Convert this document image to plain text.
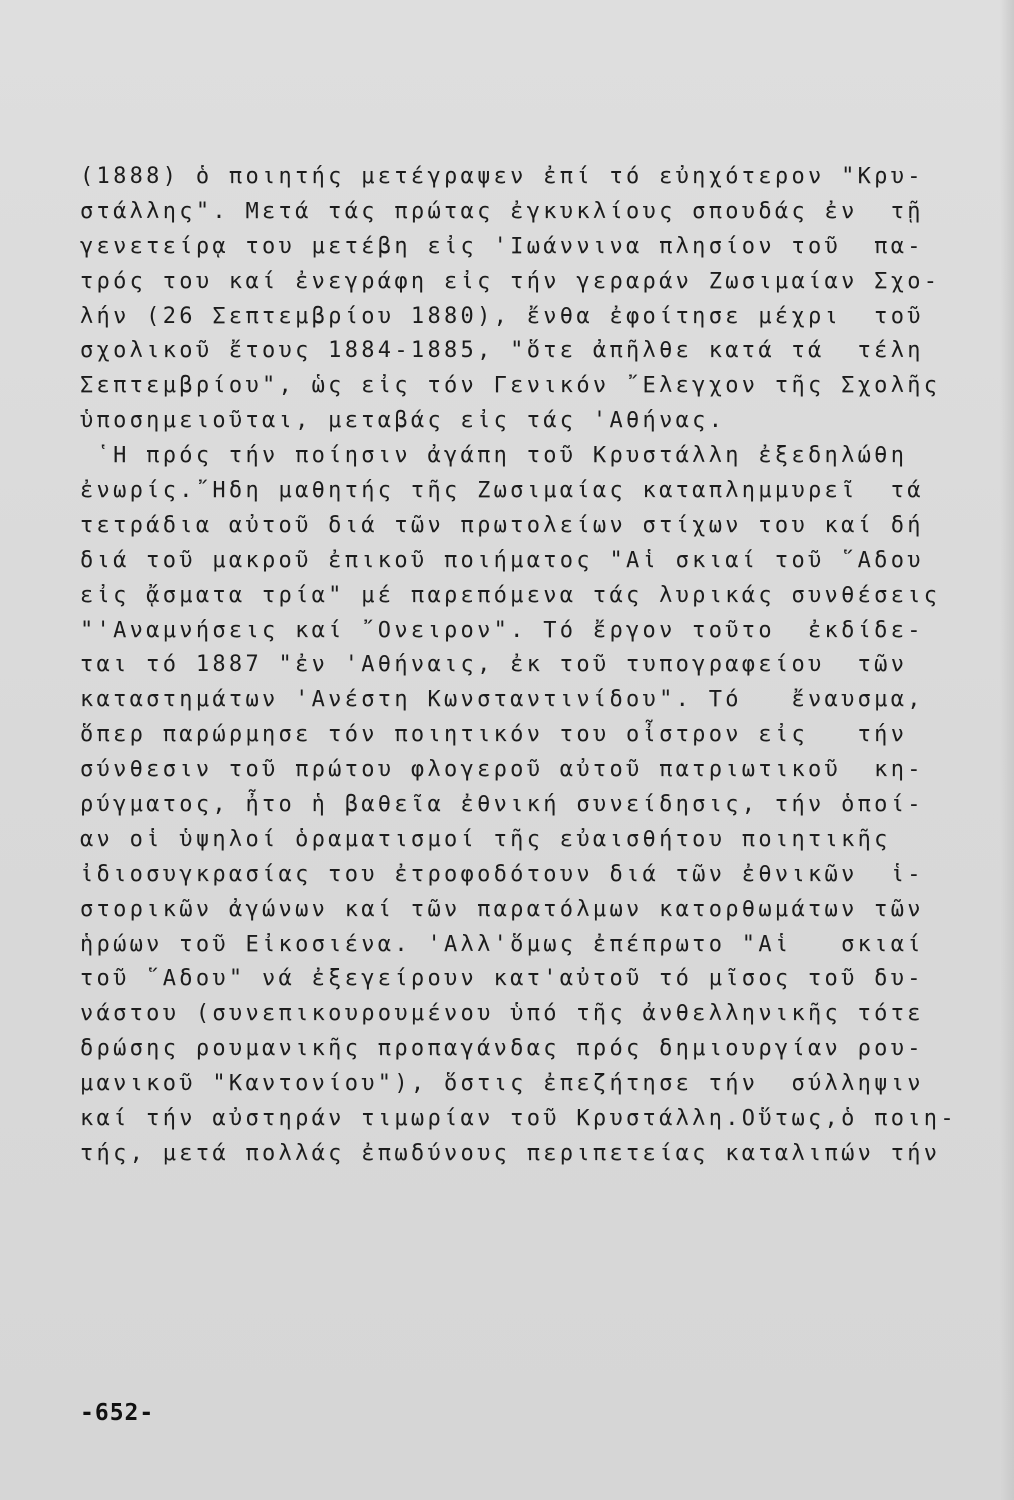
(1888) ὁ ποιητής μετέγραψεν ἐπί τό εὐηχότερον "Κρυ-
στάλλης". Μετά τάς πρώτας ἐγκυκλίους σπουδάς ἐν  τῇ
γενετείρᾳ του μετέβη εἰς 'Ιωάννινα πλησίον τοῦ  πα-
τρός του καί ἐνεγράφη εἰς τήν γεραράν Ζωσιμαίαν Σχο-
λήν (26 Σεπτεμβρίου 1880), ἔνθα ἐφοίτησε μέχρι  τοῦ
σχολικοῦ ἔτους 1884-1885, "ὅτε ἀπῆλθε κατά τά  τέλη
Σεπτεμβρίου", ὡς εἰς τόν Γενικόν ῎Ελεγχον τῆς Σχολῆς
ὑποσημειοῦται, μεταβάς εἰς τάς 'Αθήνας.
῾Η πρός τήν ποίησιν ἀγάπη τοῦ Κρυστάλλη ἐξεδηλώθη
ἐνωρίς.῎Ηδη μαθητής τῆς Ζωσιμαίας καταπλημμυρεῖ  τά
τετράδια αὐτοῦ διά τῶν πρωτολείων στίχων του καί δή
διά τοῦ μακροῦ ἐπικοῦ ποιήματος "Αἱ σκιαί τοῦ ῞Αδου
εἰς ᾄσματα τρία" μέ παρεπόμενα τάς λυρικάς συνθέσεις
"'Αναμνήσεις καί ῎Ονειρον". Τό ἔργον τοῦτο  ἐκδίδε-
ται τό 1887 "ἐν 'Αθήναις, ἐκ τοῦ τυπογραφείου  τῶν
καταστημάτων 'Ανέστη Κωνσταντινίδου". Τό   ἔναυσμα,
ὅπερ παρώρμησε τόν ποιητικόν του οἶστρον εἰς   τήν
σύνθεσιν τοῦ πρώτου φλογεροῦ αὐτοῦ πατριωτικοῦ  κη-
ρύγματος, ἦτο ἡ βαθεῖα ἐθνική συνείδησις, τήν ὁποί-
αν οἱ ὑψηλοί ὁραματισμοί τῆς εὐαισθήτου ποιητικῆς
ἰδιοσυγκρασίας του ἐτροφοδότουν διά τῶν ἐθνικῶν  ἱ-
στορικῶν ἀγώνων καί τῶν παρατόλμων κατορθωμάτων τῶν
ἡρώων τοῦ Εἰκοσιένα. 'Αλλ'ὅμως ἐπέπρωτο "Αἱ   σκιαί
τοῦ ῞Αδου" νά ἐξεγείρουν κατ'αὐτοῦ τό μῖσος τοῦ δυ-
νάστου (συνεπικουρουμένου ὑπό τῆς ἀνθελληνικῆς τότε
δρώσης ρουμανικῆς προπαγάνδας πρός δημιουργίαν ρου-
μανικοῦ "Καντονίου"), ὅστις ἐπεζήτησε τήν  σύλληψιν
καί τήν αὐστηράν τιμωρίαν τοῦ Κρυστάλλη.Οὕτως,ὁ ποιη-
τής, μετά πολλάς ἐπωδύνους περιπετείας καταλιπών τήν
-652-
